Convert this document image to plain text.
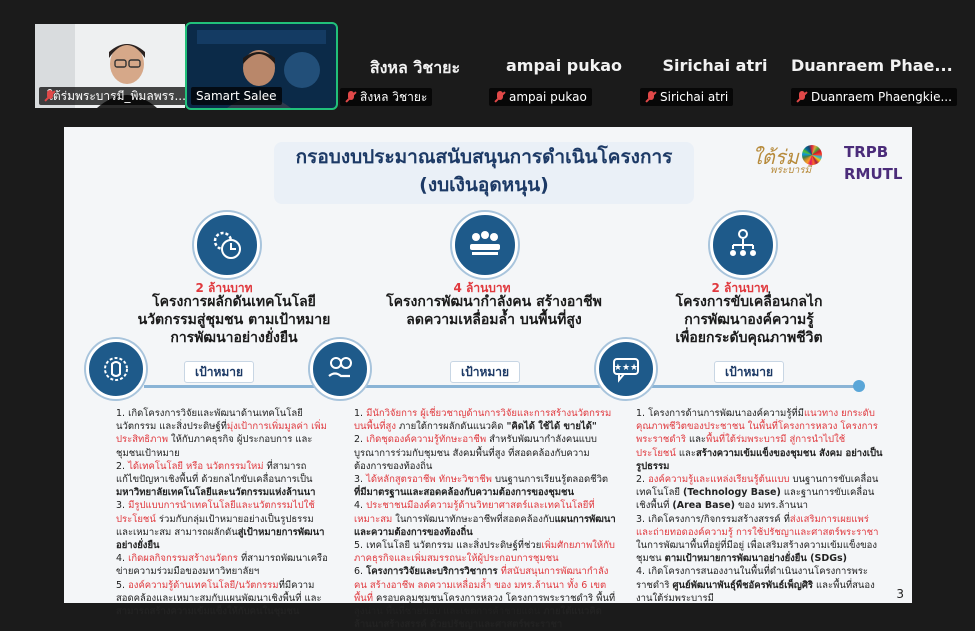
ใต้ร่มพระบารมี_พิมลพรร... Samart Salee
สิงหล วิชายะ
สิงหล วิชายะ
ampai pukao
ampai pukao
Sirichai atri
Sirichai atri
Duanraem Phae...
Duanraem Phaengkie...
กรอบงบประมาณสนับสนุนการดำเนินโครงการ
(งบเงินอุดหนุน)
ใต้ร่ม
พระบารมี
TRPB
RMUTL
2 ล้านบาท	4 ล้านบาท	2 ล้านบาท
โครงการผลักดันเทคโนโลยี
นวัตกรรมสู่ชุมชน ตามเป้าหมาย
การพัฒนาอย่างยั่งยืน
โครงการพัฒนากำลังคน สร้างอาชีพ
ลดความเหลื่อมล้ำ บนพื้นที่สูง
โครงการขับเคลื่อนกลไก
การพัฒนาองค์ความรู้
เพื่อยกระดับคุณภาพชีวิต
★★★
เป้าหมาย	เป้าหมาย	เป้าหมาย

1. เกิดโครงการวิจัยและพัฒนาด้านเทคโนโลยี นวัตกรรม และสิ่งประดิษฐ์ที่มุ่งเป้าการเพิ่มมูลค่า เพิ่มประสิทธิภาพ ให้กับภาคธุรกิจ ผู้ประกอบการ และชุมชนเป้าหมาย

2. ได้เทคโนโลยี หรือ นวัตกรรมใหม่ ที่สามารถแก้ไขปัญหาเชิงพื้นที่ ด้วยกลไกขับเคลื่อนการเป็นมหาวิทยาลัยเทคโนโลยีและนวัตกรรมแห่งล้านนา

3. มีรูปแบบการนำเทคโนโลยีและนวัตกรรมไปใช้ประโยชน์ ร่วมกับกลุ่มเป้าหมายอย่างเป็นรูปธรรมและเหมาะสม สามารถผลักดันสู่เป้าหมายการพัฒนาอย่างยั่งยืน

4. เกิดผลกิจกรรมสร้างนวัตกร ที่สามารถพัฒนาเครือข่ายความร่วมมือของมหาวิทยาลัยฯ

5. องค์ความรู้ด้านเทคโนโลยี/นวัตกรรมที่มีความสอดคล้องและเหมาะสมกับแผนพัฒนาเชิงพื้นที่ และสามารถสร้างความเข้มแข็งให้กับคนในชุมชน

1. มีนักวิจัยการ ผู้เชี่ยวชาญด้านการวิจัยและการสร้างนวัตกรรมบนพื้นที่สูง ภายใต้การผลักดันแนวคิด "คิดได้ ใช้ได้ ขายได้"

2. เกิดชุดองค์ความรู้ทักษะอาชีพ สำหรับพัฒนากำลังคนแบบบูรณาการร่วมกับชุมชน สังคมพื้นที่สูง ที่สอดคล้องกับความต้องการของท้องถิ่น

3. ได้หลักสูตรอาชีพ ทักษะวิชาชีพ บนฐานการเรียนรู้ตลอดชีวิต ที่มีมาตรฐานและสอดคล้องกับความต้องการของชุมชน

4. ประชาชนมีองค์ความรู้ด้านวิทยาศาสตร์และเทคโนโลยีที่เหมาะสม ในการพัฒนาทักษะอาชีพที่สอดคล้องกับแผนการพัฒนาและความต้องการของท้องถิ่น

5. เทคโนโลยี นวัตกรรม และสิ่งประดิษฐ์ที่ช่วยเพิ่มศักยภาพให้กับภาคธุรกิจและเพิ่มสมรรถนะให้ผู้ประกอบการชุมชน

6. โครงการวิจัยและบริการวิชาการ ที่สนับสนุนการพัฒนากำลังคน สร้างอาชีพ ลดความเหลื่อมล้ำ ของ มทร.ล้านนา ทั้ง 6 เขตพื้นที่ ครอบคลุมชุมชนโครงการหลวง โครงการพระราชดำริ พื้นที่สูงน่าน พื้นที่ชายขอบ และเขตการค้าชายแดน ภายใต้แนวคิด ล้านนาสร้างสรรค์ ด้วยปรัชญาและศาสตร์พระราชา

1. โครงการด้านการพัฒนาองค์ความรู้ที่มีแนวทาง ยกระดับคุณภาพชีวิตของประชาชน ในพื้นที่โครงการหลวง โครงการพระราชดำริ และพื้นที่ใต้ร่มพระบารมี สู่การนำไปใช้ประโยชน์ และสร้างความเข้มแข็งของชุมชน สังคม อย่างเป็นรูปธรรม

2. องค์ความรู้และแหล่งเรียนรู้ต้นแบบ บนฐานการขับเคลื่อนเทคโนโลยี (Technology Base) และฐานการขับเคลื่อนเชิงพื้นที่ (Area Base) ของ มทร.ล้านนา

3. เกิดโครงการ/กิจกรรมสร้างสรรค์ ที่ส่งเสริมการเผยแพร่และถ่ายทอดองค์ความรู้ การใช้ปรัชญาและศาสตร์พระราชา ในการพัฒนาพื้นที่อยู่ที่มีอยู่ เพื่อเสริมสร้างความเข้มแข็งของชุมชน ตามเป้าหมายการพัฒนาอย่างยั่งยืน (SDGs)

4. เกิดโครงการสนองงานในพื้นที่ดำเนินงานโครงการพระราชดำริ ศูนย์พัฒนาพันธุ์พืชอัครพันธ์เพ็ญศิริ และพื้นที่สนองงานใต้ร่มพระบารมี	3
